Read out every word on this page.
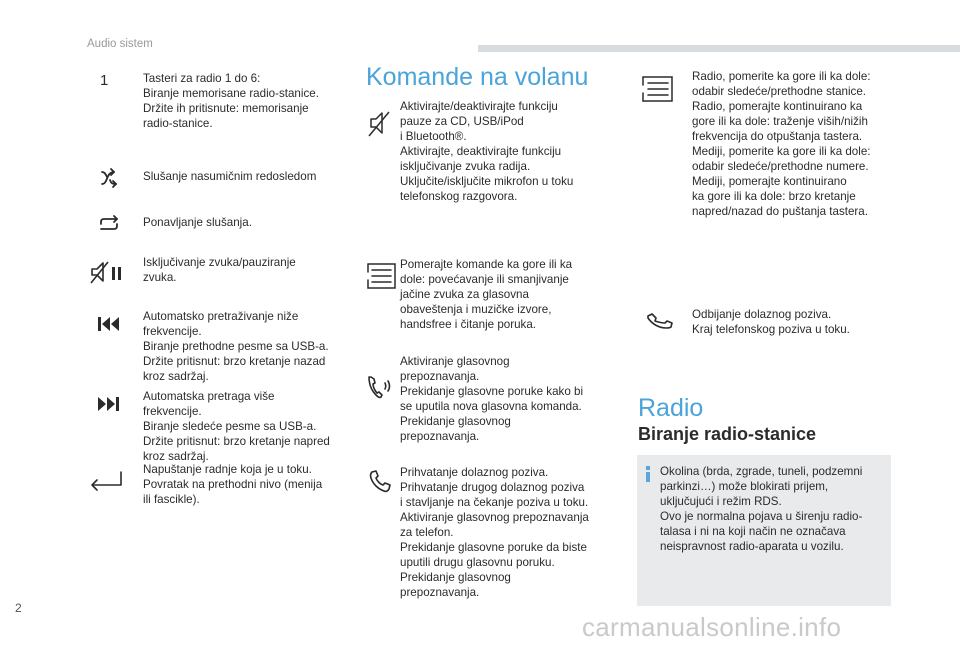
Audio sistem
1	Tasteri za radio 1 do 6:
Biranje memorisane radio-stanice.
Držite ih pritisnute: memorisanje
radio-stanice.
Slušanje nasumičnim redosledom
Ponavljanje slušanja.
Isključivanje zvuka/pauziranje
zvuka.
Automatsko pretraživanje niže
frekvencije.
Biranje prethodne pesme sa USB-a.
Držite pritisnut: brzo kretanje nazad
kroz sadržaj.
Automatska pretraga više
frekvencije.
Biranje sledeće pesme sa USB-a.
Držite pritisnut: brzo kretanje napred
kroz sadržaj.
Napuštanje radnje koja je u toku.
Povratak na prethodni nivo (menija
ili fascikle).
Komande na volanu
Aktivirajte/deaktivirajte funkciju
pauze za CD, USB/iPod
i Bluetooth®.
Aktivirajte, deaktivirajte funkciju
isključivanje zvuka radija.
Uključite/isključite mikrofon u toku
telefonskog razgovora.
Pomerajte komande ka gore ili ka
dole: povećavanje ili smanjivanje
jačine zvuka za glasovna
obaveštenja i muzičke izvore,
handsfree i čitanje poruka.
Aktiviranje glasovnog
prepoznavanja.
Prekidanje glasovne poruke kako bi
se uputila nova glasovna komanda.
Prekidanje glasovnog
prepoznavanja.
Prihvatanje dolaznog poziva.
Prihvatanje drugog dolaznog poziva
i stavljanje na čekanje poziva u toku.
Aktiviranje glasovnog prepoznavanja
za telefon.
Prekidanje glasovne poruke da biste
uputili drugu glasovnu poruku.
Prekidanje glasovnog
prepoznavanja.
Radio, pomerite ka gore ili ka dole:
odabir sledeće/prethodne stanice.
Radio, pomerajte kontinuirano ka
gore ili ka dole: traženje viših/nižih
frekvencija do otpuštanja tastera.
Mediji, pomerite ka gore ili ka dole:
odabir sledeće/prethodne numere.
Mediji, pomerajte kontinuirano
ka gore ili ka dole: brzo kretanje
napred/nazad do puštanja tastera.
Odbijanje dolaznog poziva.
Kraj telefonskog poziva u toku.
Radio
Biranje radio-stanice
Okolina (brda, zgrade, tuneli, podzemni
parkinzi…) može blokirati prijem,
uključujući i režim RDS.
Ovo je normalna pojava u širenju radio-
talasa i ni na koji način ne označava
neispravnost radio-aparata u vozilu.
2
carmanualsonline.info
